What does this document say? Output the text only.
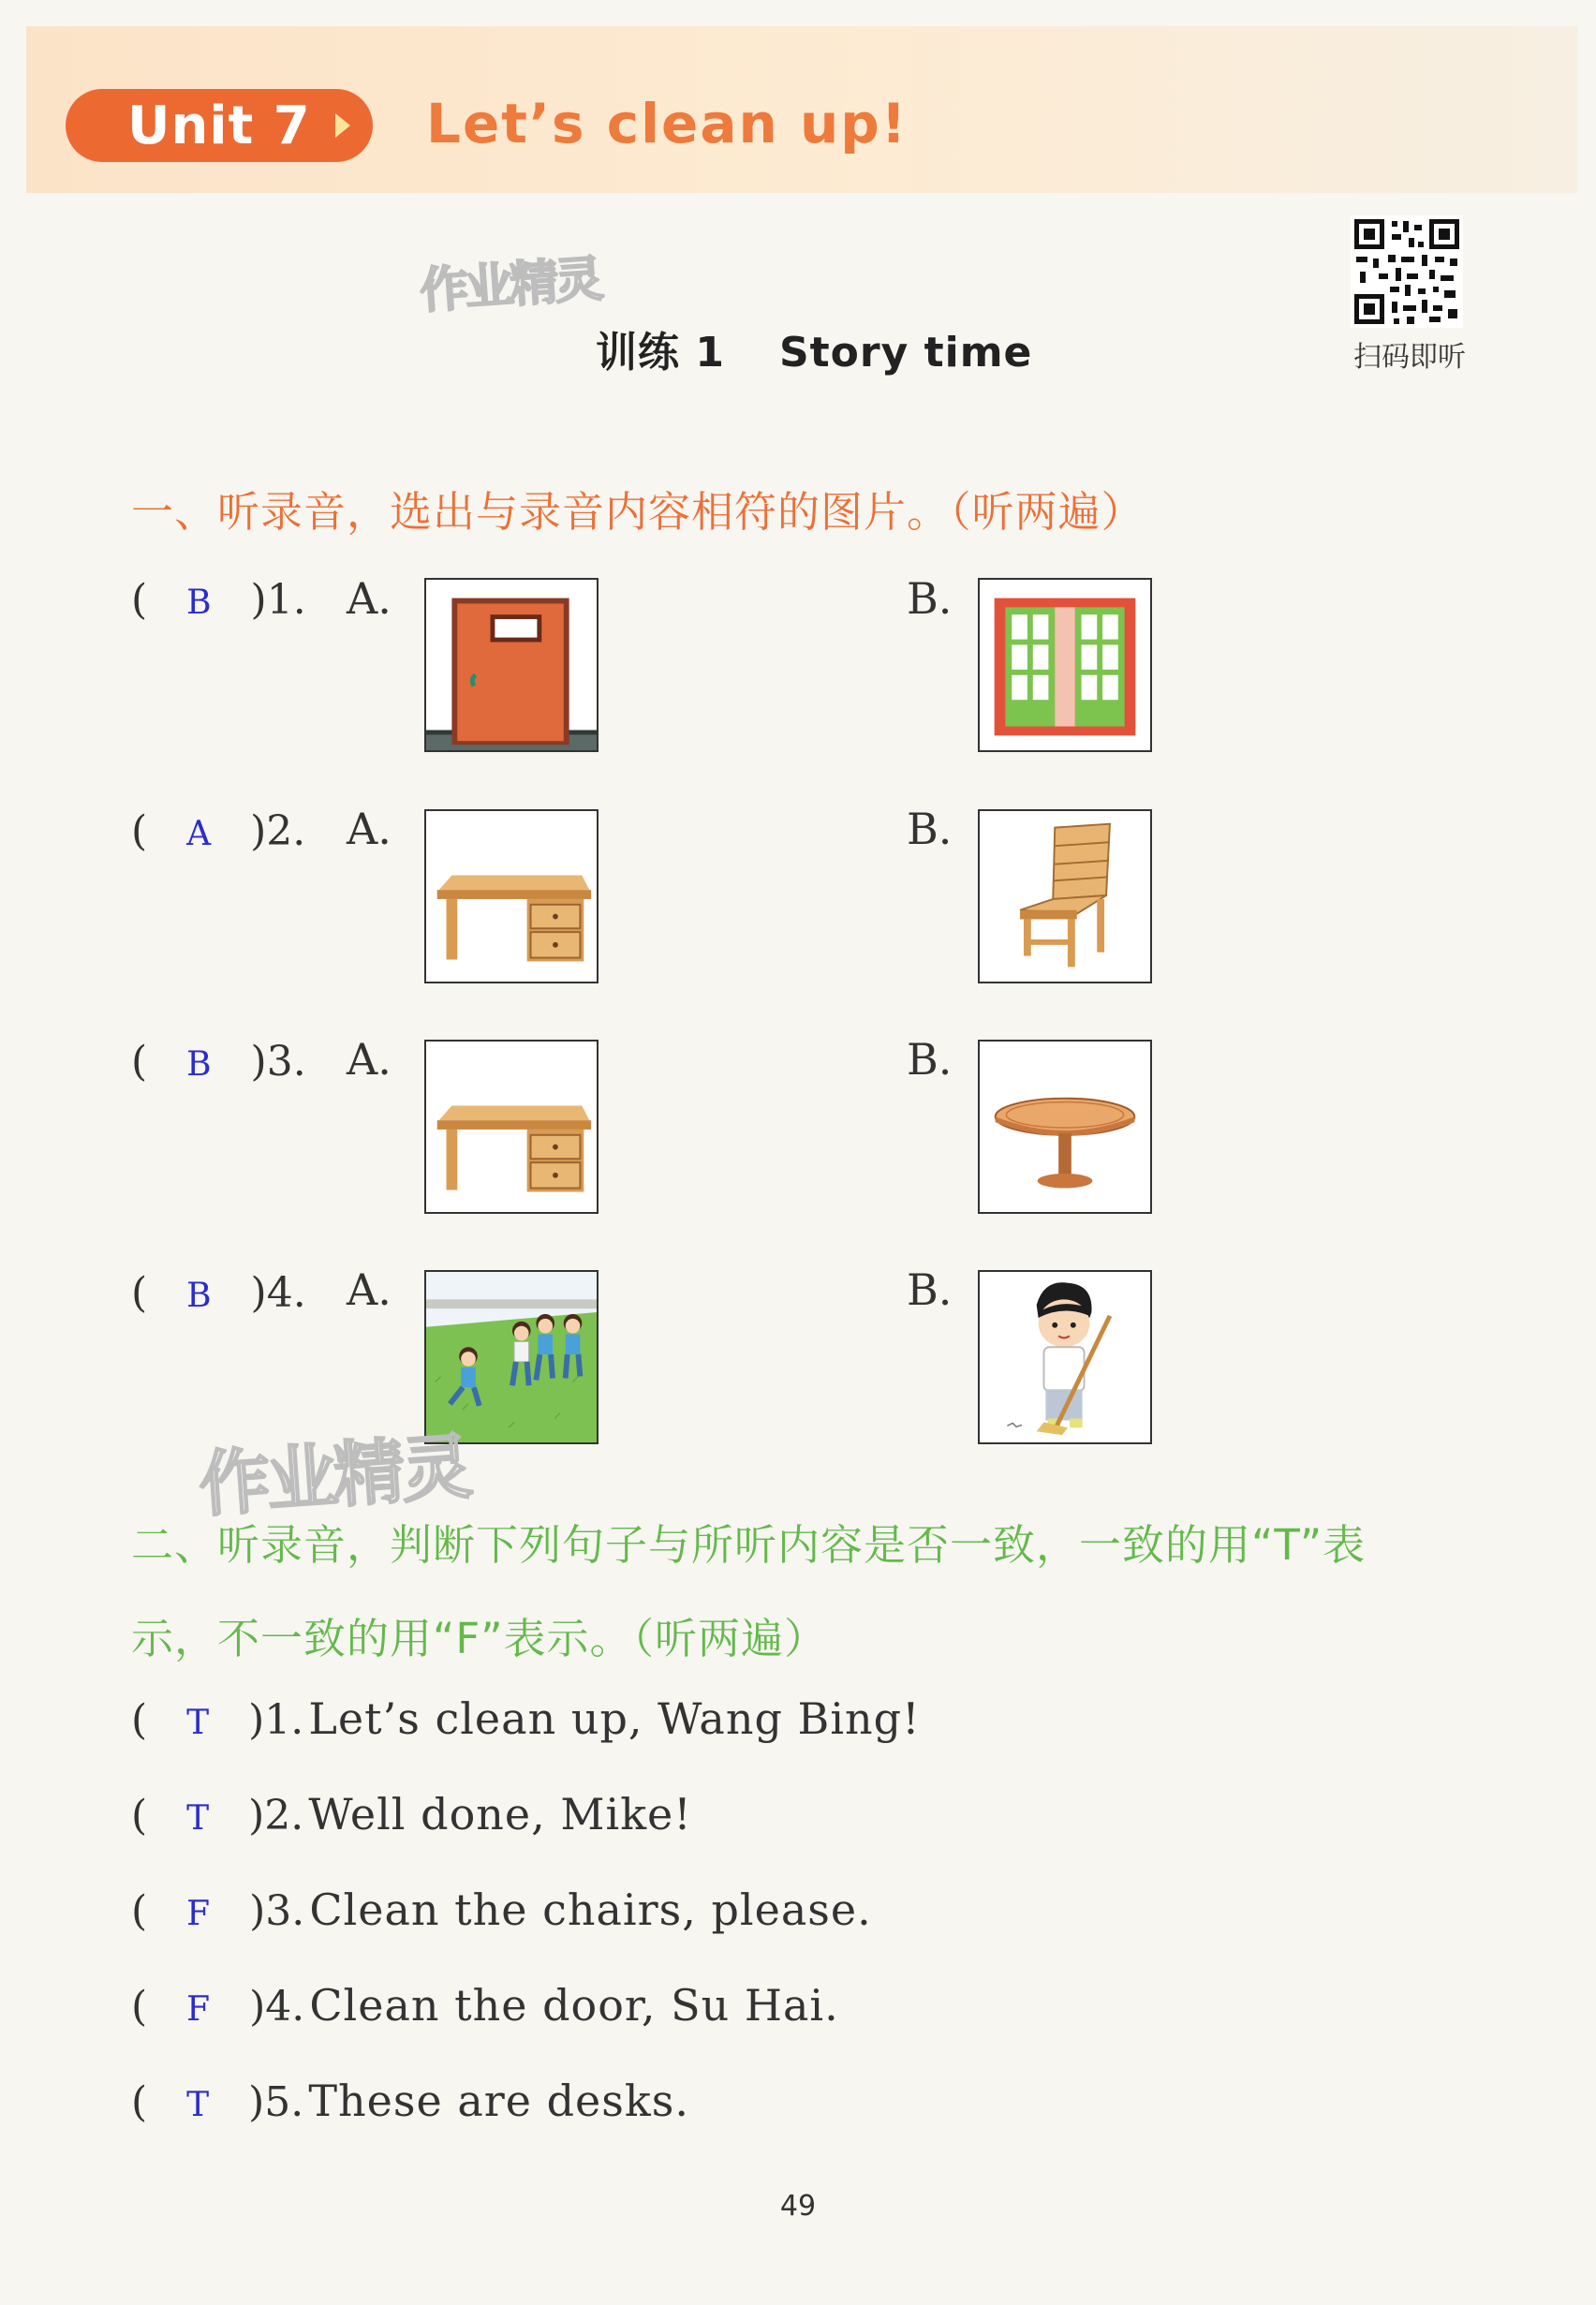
Unit 7 Let’s clean up!
作业精灵
训练 1 Story time	扫码即听
一、听录音，选出与录音内容相符的图片。（听两遍）
(   B   )1. A.	B.
(   A   )2. A.	B.
(   B   )3. A.	B.
(   B   )4. A.	B.
作业精灵
二、听录音，判断下列句子与所听内容是否一致，一致的用“T”表
示，不一致的用“F”表示。（听两遍）
(   T   )1. Let’s clean up, Wang Bing!
(   T   )2. Well done, Mike!
(   F   )3. Clean the chairs, please.
(   F   )4. Clean the door, Su Hai.
(   T   )5. These are desks.
49
